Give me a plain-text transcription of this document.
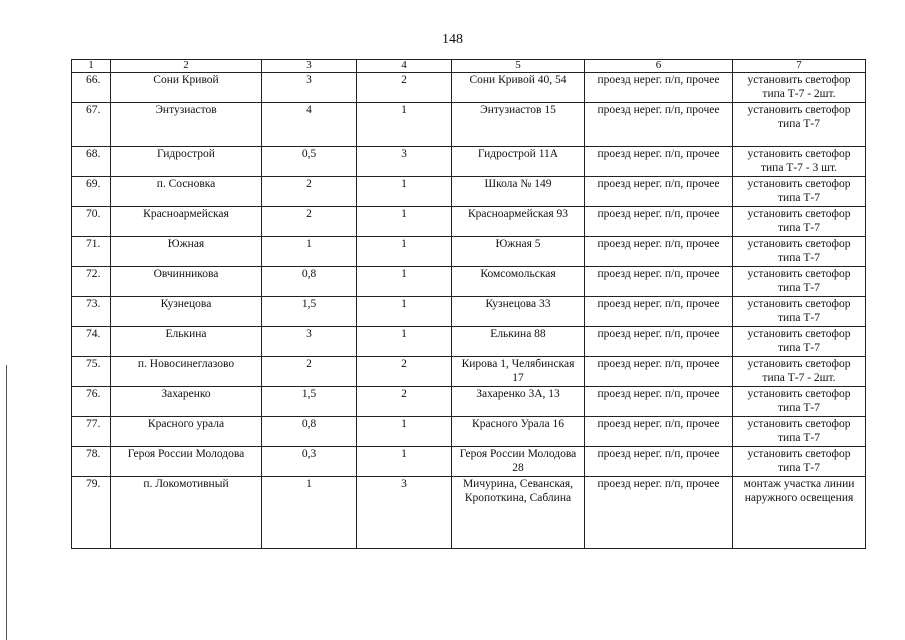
148
1	2	3	4	5	6	7
66.	Сони Кривой	3	2	Сони Кривой 40, 54	проезд нерег. п/п, прочее	установить светофор типа Т-7 - 2шт.
67.	Энтузиастов	4	1	Энтузиастов 15	проезд нерег. п/п, прочее	установить светофор типа Т-7
68.	Гидрострой	0,5	3	Гидрострой 11А	проезд нерег. п/п, прочее	установить светофор типа Т-7 - 3 шт.
69.	п. Сосновка	2	1	Школа № 149	проезд нерег. п/п, прочее	установить светофор типа Т-7
70.	Красноармейская	2	1	Красноармейская 93	проезд нерег. п/п, прочее	установить светофор типа Т-7
71.	Южная	1	1	Южная 5	проезд нерег. п/п, прочее	установить светофор типа Т-7
72.	Овчинникова	0,8	1	Комсомольская	проезд нерег. п/п, прочее	установить светофор типа Т-7
73.	Кузнецова	1,5	1	Кузнецова 33	проезд нерег. п/п, прочее	установить светофор типа Т-7
74.	Елькина	3	1	Елькина 88	проезд нерег. п/п, прочее	установить светофор типа Т-7
75.	п. Новосинеглазово	2	2	Кирова 1, Челябинская 17	проезд нерег. п/п, прочее	установить светофор типа Т-7 - 2шт.
76.	Захаренко	1,5	2	Захаренко 3А, 13	проезд нерег. п/п, прочее	установить светофор типа Т-7
77.	Красного урала	0,8	1	Красного Урала 16	проезд нерег. п/п, прочее	установить светофор типа Т-7
78.	Героя России Молодова	0,3	1	Героя России Молодова 28	проезд нерег. п/п, прочее	установить светофор типа Т-7
79.	п. Локомотивный	1	3	Мичурина, Севанская, Кропоткина, Саблина	проезд нерег. п/п, прочее	монтаж участка линии наружного освещения
